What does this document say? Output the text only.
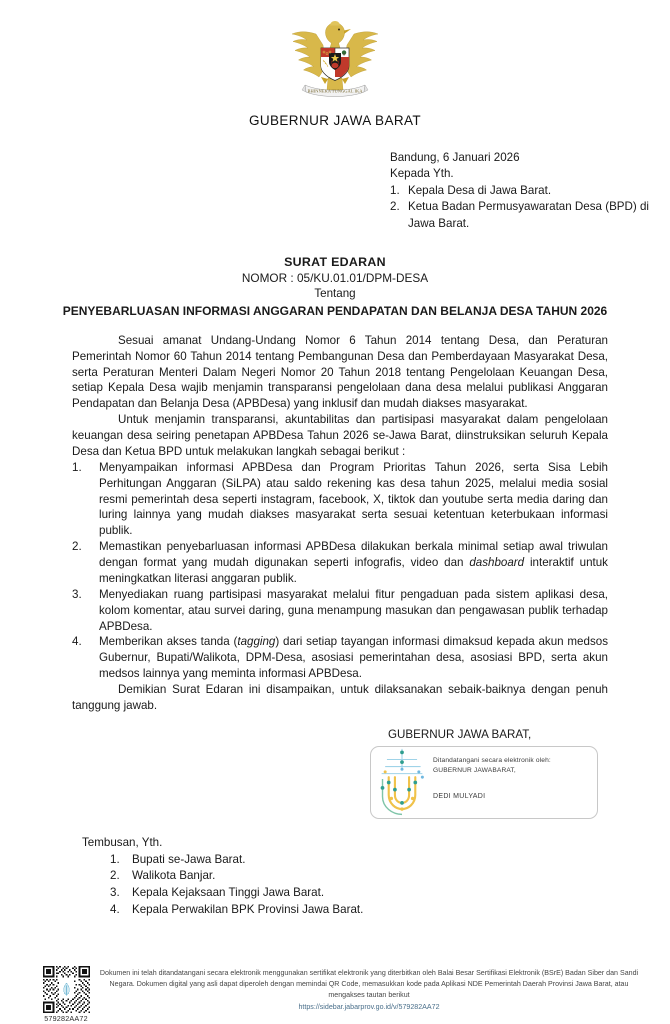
BHINNEKA TUNGGAL IKA
GUBERNUR JAWA BARAT
Bandung, 6 Januari 2026
Kepada Yth.
1. Kepala Desa di Jawa Barat.
2. Ketua Badan Permusyawaratan Desa (BPD) di Jawa Barat.
SURAT EDARAN
NOMOR : 05/KU.01.01/DPM-DESA
Tentang
PENYEBARLUASAN INFORMASI ANGGARAN PENDAPATAN DAN BELANJA DESA TAHUN 2026

Sesuai amanat Undang-Undang Nomor 6 Tahun 2014 tentang Desa, dan Peraturan Pemerintah Nomor 60 Tahun 2014 tentang Pembangunan Desa dan Pemberdayaan Masyarakat Desa, serta Peraturan Menteri Dalam Negeri Nomor 20 Tahun 2018 tentang Pengelolaan Keuangan Desa, setiap Kepala Desa wajib menjamin transparansi pengelolaan dana desa melalui publikasi Anggaran Pendapatan dan Belanja Desa (APBDesa) yang inklusif dan mudah diakses masyarakat.

Untuk menjamin transparansi, akuntabilitas dan partisipasi masyarakat dalam pengelolaan keuangan desa seiring penetapan APBDesa Tahun 2026 se-Jawa Barat, diinstruksikan seluruh Kepala Desa dan Ketua BPD untuk melakukan langkah sebagai berikut :

1.	Menyampaikan informasi APBDesa dan Program Prioritas Tahun 2026, serta Sisa Lebih Perhitungan Anggaran (SiLPA) atau saldo rekening kas desa tahun 2025, melalui media sosial resmi pemerintah desa seperti instagram, facebook, X, tiktok dan youtube serta media daring dan luring lainnya yang mudah diakses masyarakat serta sesuai ketentuan keterbukaan informasi publik.
2.	Memastikan penyebarluasan informasi APBDesa dilakukan berkala minimal setiap awal triwulan dengan format yang mudah digunakan seperti infografis, video dan dashboard interaktif untuk meningkatkan literasi anggaran publik.
3.	Menyediakan ruang partisipasi masyarakat melalui fitur pengaduan pada sistem aplikasi desa, kolom komentar, atau survei daring, guna menampung masukan dan pengawasan publik terhadap APBDesa.
4.	Memberikan akses tanda (tagging) dari setiap tayangan informasi dimaksud kepada akun medsos Gubernur, Bupati/Walikota, DPM-Desa, asosiasi pemerintahan desa, asosiasi BPD, serta akun medsos lainnya yang meminta informasi APBDesa.

Demikian Surat Edaran ini disampaikan, untuk dilaksanakan sebaik-baiknya dengan penuh tanggung jawab.

GUBERNUR JAWA BARAT,
Ditandatangani secara elektronik oleh:
GUBERNUR JAWABARAT,
DEDI MULYADI
Tembusan, Yth.
1. Bupati se-Jawa Barat.
2. Walikota Banjar.
3. Kepala Kejaksaan Tinggi Jawa Barat.
4. Kepala Perwakilan BPK Provinsi Jawa Barat.
579282AA72
Dokumen ini telah ditandatangani secara elektronik menggunakan sertifikat elektronik yang diterbitkan oleh Balai Besar Sertifikasi Elektronik (BSrE) Badan Siber dan Sandi Negara. Dokumen digital yang asli dapat diperoleh dengan memindai QR Code, memasukkan kode pada Aplikasi NDE Pemerintah Daerah Provinsi Jawa Barat, atau mengakses tautan berikut
https://sidebar.jabarprov.go.id/v/579282AA72
